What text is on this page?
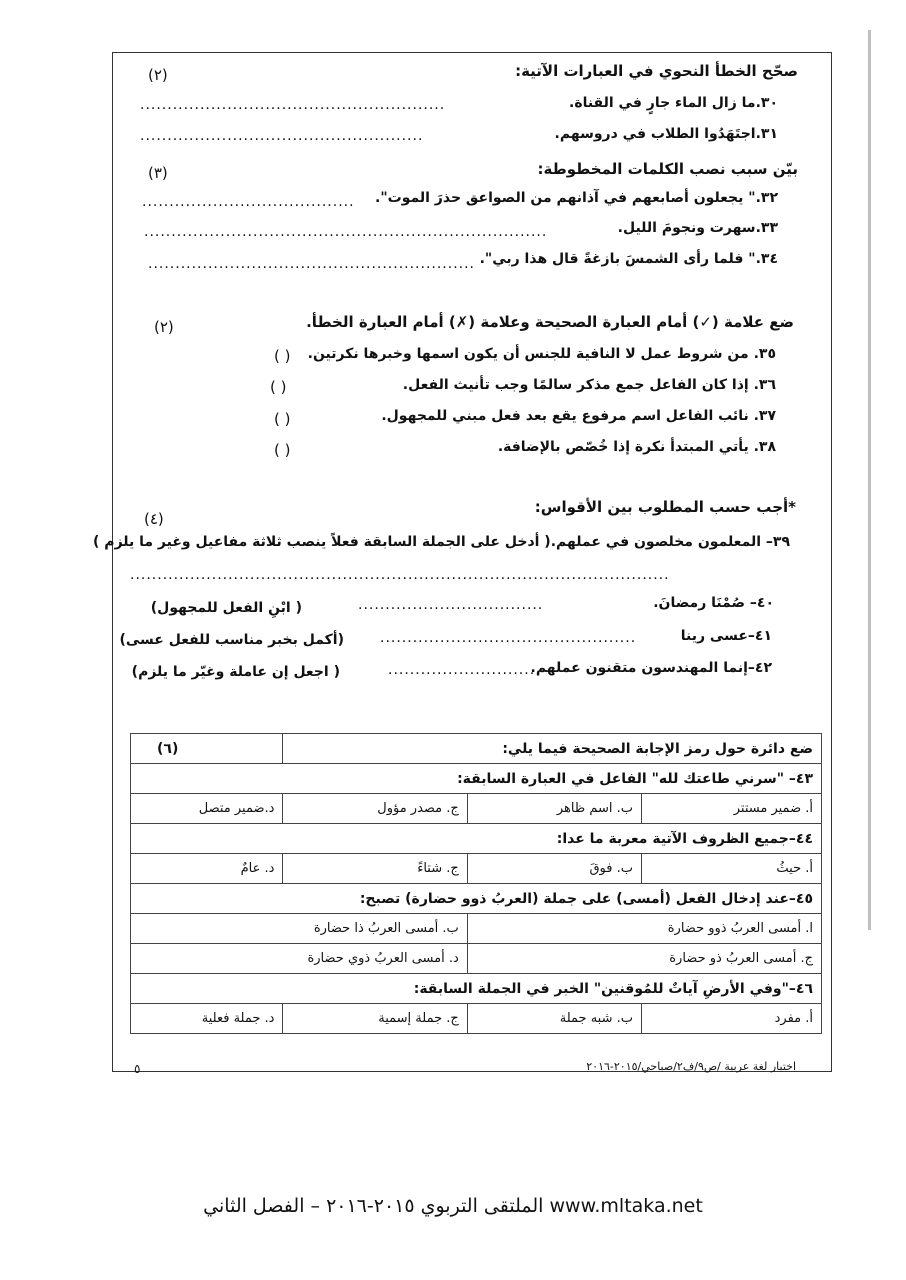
صحّح الخطأ النحوي في العبارات الآتية:
(٢)
٣٠.ما زال الماء جارٍ في القناة.
........................................................
٣١.اجتَهَدُوا الطلاب في دروسهم.
....................................................
بيّن سبب نصب الكلمات المخطوطة:
(٣)
٣٢." يجعلون أصابعهم في آذانهم من الصواعق حذرَ الموت".
.......................................
٣٣.سهرت ونجومَ الليل.
..........................................................................
٣٤." فلما رأى الشمسَ بازغةً قال هذا ربي".
............................................................
ضع علامة (✓) أمام العبارة الصحيحة وعلامة (✗) أمام العبارة الخطأ.
(٢)
٣٥. من شروط عمل لا النافية للجنس أن يكون اسمها وخبرها نكرتين.
( )
٣٦. إذا كان الفاعل جمع مذكر سالمًا وجب تأنيث الفعل.
( )
٣٧. نائب الفاعل اسم مرفوع يقع بعد فعل مبني للمجهول.
( )
٣٨. يأتي المبتدأ نكرة إذا خُصّص بالإضافة.
( )
*أجب حسب المطلوب بين الأقواس:
(٤)
٣٩– المعلمون مخلصون في عملهم.( أدخل على الجملة السابقة فعلاً ينصب ثلاثة مفاعيل وغير ما يلزم )
...................................................................................................
٤٠– صُمْنَا رمضانَ.
..................................
( ابْنِ الفعل للمجهول)
٤١–عسى رينا
...............................................
(أكمل بخبر مناسب للفعل عسى)
٤٢–إنما المهندسون متقنون عملهم.
...........................
( اجعل إن عاملة وغيّر ما يلزم)
ضع دائرة حول رمز الإجابة الصحيحة فيما يلي:			(٦)
٤٣– "سرني طاعتك لله" الفاعل في العبارة السابقة:			
أ. ضمير مستتر	ب. اسم ظاهر	ج. مصدر مؤول	د.ضمير متصل
٤٤–جميع الظروف الآتية معربة ما عدا:			
أ. حيثُ	ب. فوقَ	ج. شتاءً	د. عامٌ
٤٥–عند إدخال الفعل (أمسى) على جملة (العربُ ذوو حضارة) تصبح:			
ا. أمسى العربُ ذوو حضارة		ب. أمسى العربُ ذا حضارة	
ج. أمسى العربُ ذو حضارة		د. أمسى العربُ ذوي حضارة	
٤٦–"وفي الأرضِ آياتٌ للمُوقنين" الخبر في الجملة السابقة:			
أ. مفرد	ب. شبه جملة	ج. جملة إسمية	د. جملة فعلية
اختبار لغة عربية /ص٩/ف٢/صباحي/٢٠١٥-٢٠١٦
٥
الملتقى التربوي ٢٠١٥-٢٠١٦ – الفصل الثاني www.mltaka.net
